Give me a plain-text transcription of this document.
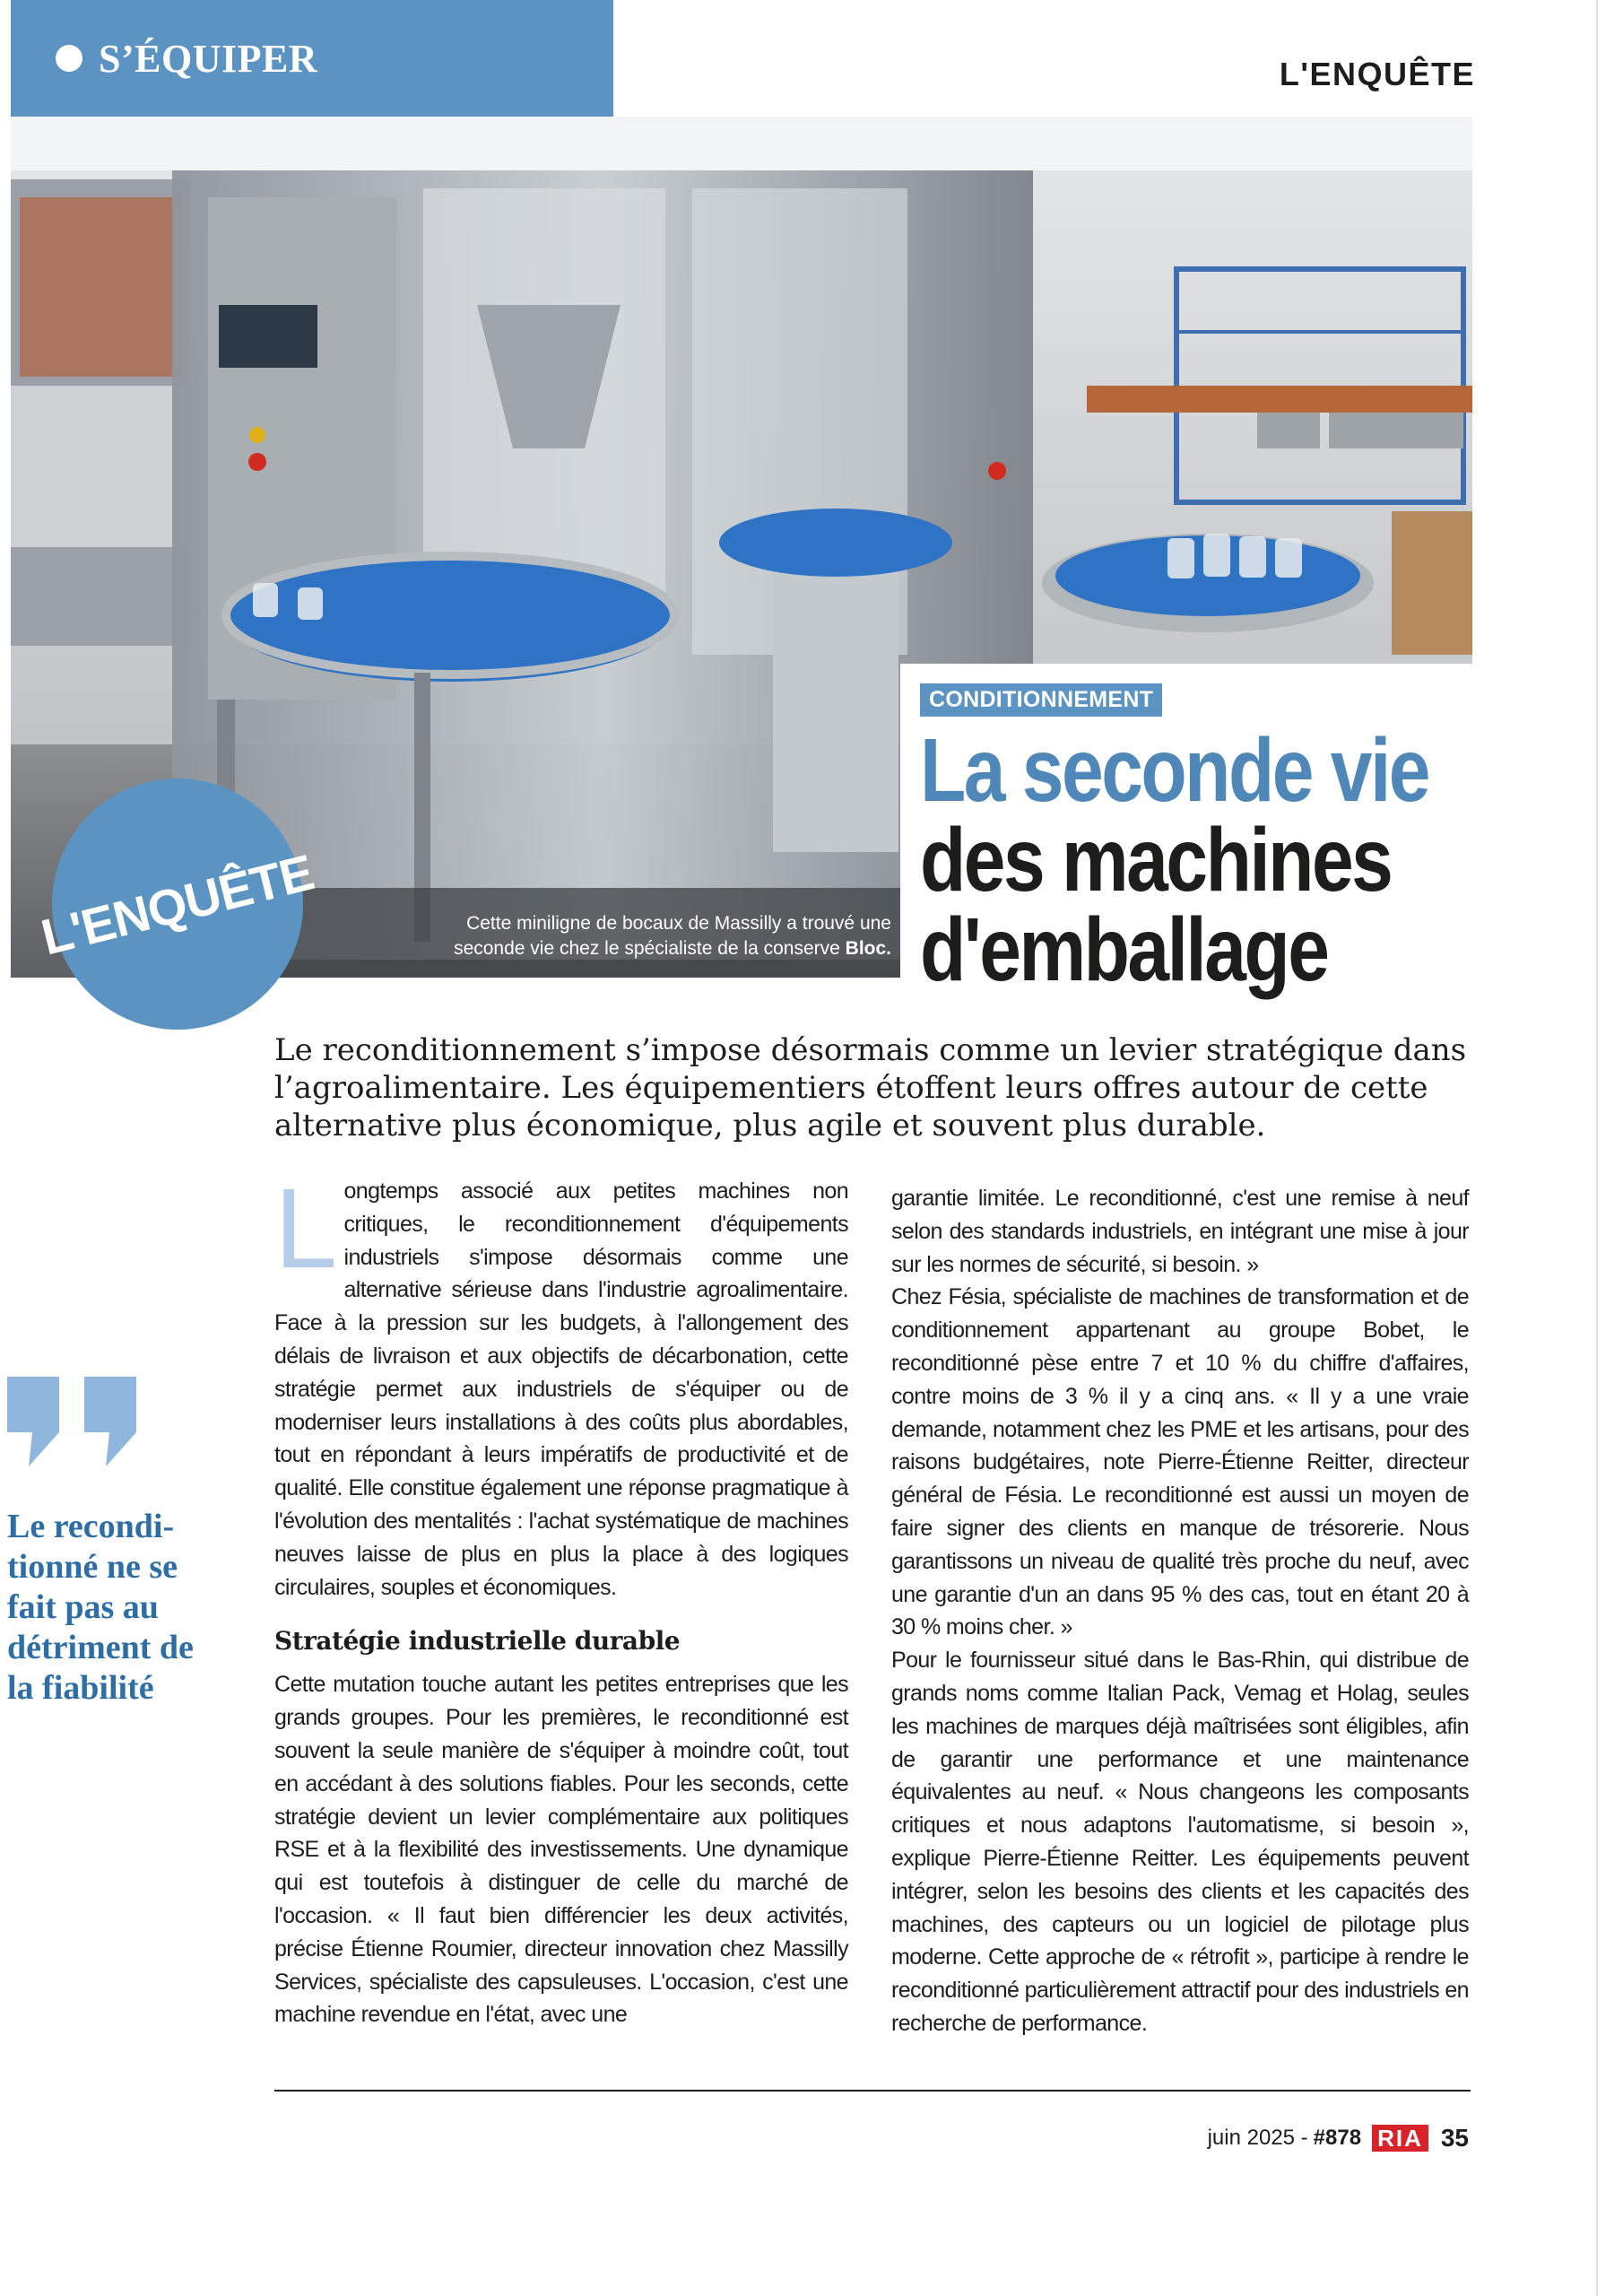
S’ÉQUIPER	L'ENQUÊTE
Cette miniligne de bocaux de Massilly a trouvé une
seconde vie chez le spécialiste de la conserve Bloc.
L'ENQUÊTE
CONDITIONNEMENT
La seconde vie
des machines
d'emballage
Le reconditionnement s’impose désormais comme un levier stratégique dans l’agroalimentaire. Les équipementiers étoffent leurs offres autour de cette alternative plus économique, plus agile et souvent plus durable.
Le recondi-
tionné ne se
fait pas au
détriment de
la fiabilité

Longtemps associé aux petites machines non critiques, le reconditionnement d'équipements industriels s'impose désormais comme une alternative sérieuse dans l'industrie agroalimentaire. Face à la pression sur les budgets, à l'allongement des délais de livraison et aux objectifs de décarbonation, cette stratégie permet aux industriels de s'équiper ou de moderniser leurs installations à des coûts plus abordables, tout en répondant à leurs impératifs de productivité et de qualité. Elle constitue également une réponse pragmatique à l'évolution des mentalités : l'achat systématique de machines neuves laisse de plus en plus la place à des logiques circulaires, souples et économiques.

Stratégie industrielle durable

Cette mutation touche autant les petites entreprises que les grands groupes. Pour les premières, le reconditionné est souvent la seule manière de s'équiper à moindre coût, tout en accédant à des solutions fiables. Pour les seconds, cette stratégie devient un levier complémentaire aux politiques RSE et à la flexibilité des investissements. Une dynamique qui est toutefois à distinguer de celle du marché de l'occasion. « Il faut bien différencier les deux activités, précise Étienne Roumier, directeur innovation chez Massilly Services, spécialiste des capsuleuses. L'occasion, c'est une machine revendue en l'état, avec une

garantie limitée. Le reconditionné, c'est une remise à neuf selon des standards industriels, en intégrant une mise à jour sur les normes de sécurité, si besoin. »

Chez Fésia, spécialiste de machines de transformation et de conditionnement appartenant au groupe Bobet, le reconditionné pèse entre 7 et 10 % du chiffre d'affaires, contre moins de 3 % il y a cinq ans. « Il y a une vraie demande, notamment chez les PME et les artisans, pour des raisons budgétaires, note Pierre-Étienne Reitter, directeur général de Fésia. Le reconditionné est aussi un moyen de faire signer des clients en manque de trésorerie. Nous garantissons un niveau de qualité très proche du neuf, avec une garantie d'un an dans 95 % des cas, tout en étant 20 à 30 % moins cher. »

Pour le fournisseur situé dans le Bas-Rhin, qui distribue de grands noms comme Italian Pack, Vemag et Holag, seules les machines de marques déjà maîtrisées sont éligibles, afin de garantir une performance et une maintenance équivalentes au neuf. « Nous changeons les composants critiques et nous adaptons l'automatisme, si besoin », explique Pierre-Étienne Reitter. Les équipements peuvent intégrer, selon les besoins des clients et les capacités des machines, des capteurs ou un logiciel de pilotage plus moderne. Cette approche de « rétrofit », participe à rendre le reconditionné particulièrement attractif pour des industriels en recherche de performance.

juin 2025 - #878 RIA 35
